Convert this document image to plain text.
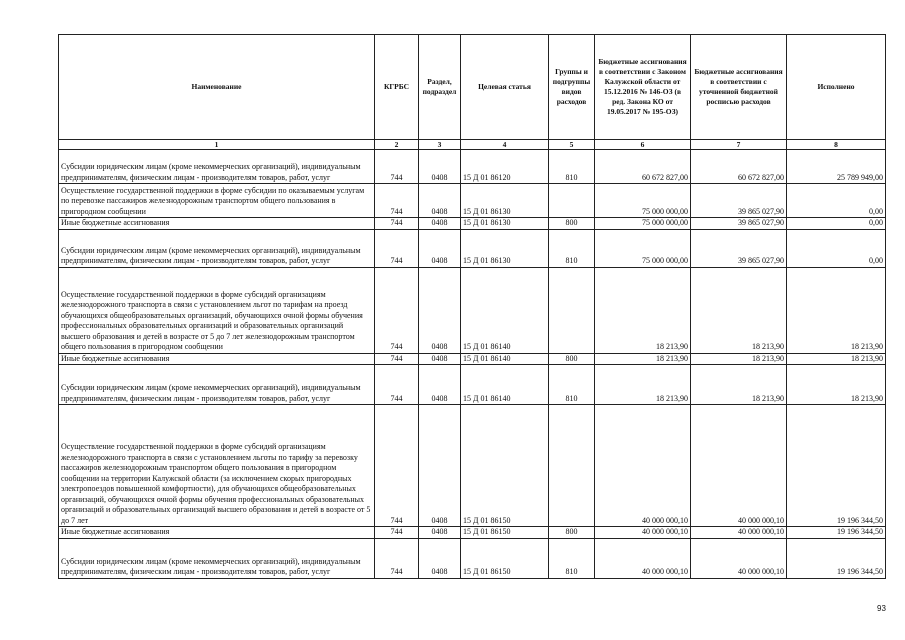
Наименование	КГРБС	Раздел, подраздел	Целевая статья	Группы и подгруппы видов расходов	Бюджетные ассигнования в соответствии с Законом Калужской области от 15.12.2016 № 146-ОЗ (в ред. Закона КО от 19.05.2017 № 195-ОЗ)	Бюджетные ассигнования в соответствии с уточненной бюджетной росписью расходов	Исполнено
1	2	3	4	5	6	7	8
Субсидии юридическим лицам (кроме некоммерческих организаций), индивидуальным предпринимателям, физическим лицам - производителям товаров, работ, услуг	744	0408	15 Д 01 86120	810	60 672 827,00	60 672 827,00	25 789 949,00
Осуществление государственной поддержки в форме субсидии по оказываемым услугам по перевозке пассажиров железнодорожным транспортом общего пользования в пригородном сообщении	744	0408	15 Д 01 86130		75 000 000,00	39 865 027,90	0,00
Иные бюджетные ассигнования	744	0408	15 Д 01 86130	800	75 000 000,00	39 865 027,90	0,00
Субсидии юридическим лицам (кроме некоммерческих организаций), индивидуальным предпринимателям, физическим лицам - производителям товаров, работ, услуг	744	0408	15 Д 01 86130	810	75 000 000,00	39 865 027,90	0,00
Осуществление государственной поддержки в форме субсидий организациям железнодорожного транспорта в связи с установлением льгот по тарифам на проезд обучающихся общеобразовательных организаций, обучающихся очной формы обучения профессиональных образовательных организаций и образовательных организаций высшего образования и детей в возрасте от 5 до 7 лет железнодорожным транспортом общего пользования в пригородном сообщении	744	0408	15 Д 01 86140		18 213,90	18 213,90	18 213,90
Иные бюджетные ассигнования	744	0408	15 Д 01 86140	800	18 213,90	18 213,90	18 213,90
Субсидии юридическим лицам (кроме некоммерческих организаций), индивидуальным предпринимателям, физическим лицам - производителям товаров, работ, услуг	744	0408	15 Д 01 86140	810	18 213,90	18 213,90	18 213,90
Осуществление государственной поддержки в форме субсидий организациям железнодорожного транспорта в связи с установлением льготы по тарифу за перевозку пассажиров железнодорожным транспортом общего пользования в пригородном сообщении на территории Калужской области (за исключением скорых пригородных электропоездов повышенной комфортности), для обучающихся общеобразовательных организаций, обучающихся очной формы обучения профессиональных образовательных организаций и образовательных организаций высшего образования и детей в возрасте от 5 до 7 лет	744	0408	15 Д 01 86150		40 000 000,10	40 000 000,10	19 196 344,50
Иные бюджетные ассигнования	744	0408	15 Д 01 86150	800	40 000 000,10	40 000 000,10	19 196 344,50
Субсидии юридическим лицам (кроме некоммерческих организаций), индивидуальным предпринимателям, физическим лицам - производителям товаров, работ, услуг	744	0408	15 Д 01 86150	810	40 000 000,10	40 000 000,10	19 196 344,50
93
